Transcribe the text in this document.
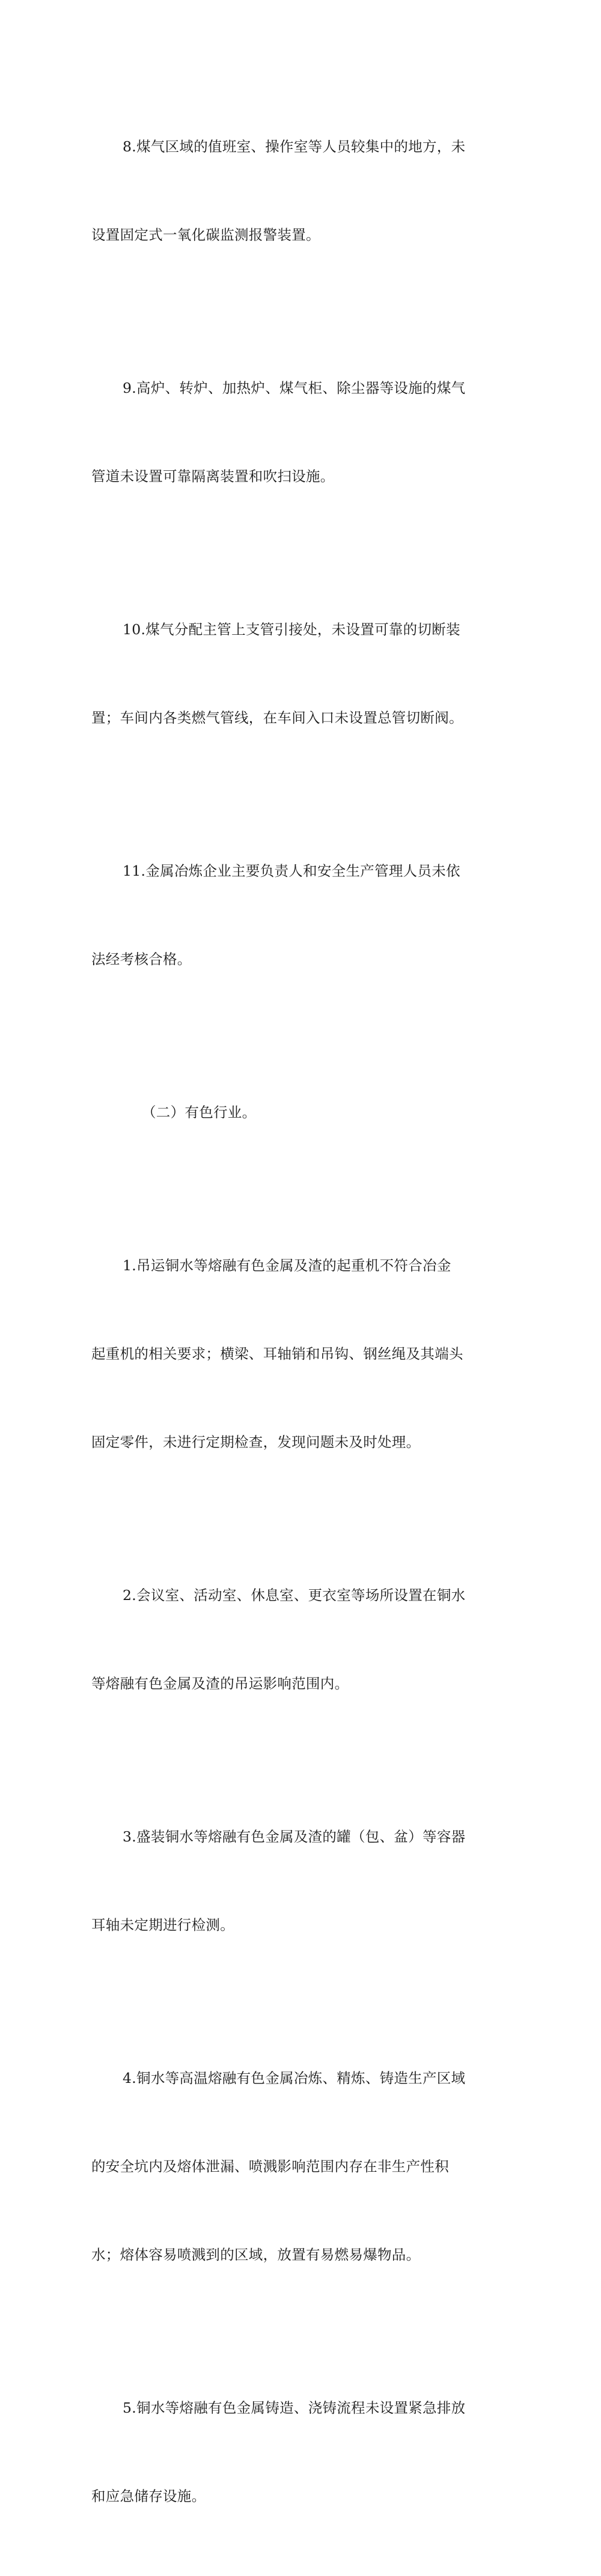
8.煤气区域的值班室、操作室等人员较集中的地方，未

设置固定式一氧化碳监测报警装置。

9.高炉、转炉、加热炉、煤气柜、除尘器等设施的煤气

管道未设置可靠隔离装置和吹扫设施。

10.煤气分配主管上支管引接处，未设置可靠的切断装

置；车间内各类燃气管线，在车间入口未设置总管切断阀。

11.金属冶炼企业主要负责人和安全生产管理人员未依

法经考核合格。

（二）有色行业。

1.吊运铜水等熔融有色金属及渣的起重机不符合冶金

起重机的相关要求；横梁、耳轴销和吊钩、钢丝绳及其端头

固定零件，未进行定期检查，发现问题未及时处理。

2.会议室、活动室、休息室、更衣室等场所设置在铜水

等熔融有色金属及渣的吊运影响范围内。

3.盛装铜水等熔融有色金属及渣的罐（包、盆）等容器

耳轴未定期进行检测。

4.铜水等高温熔融有色金属冶炼、精炼、铸造生产区域

的安全坑内及熔体泄漏、喷溅影响范围内存在非生产性积

水；熔体容易喷溅到的区域，放置有易燃易爆物品。

5.铜水等熔融有色金属铸造、浇铸流程未设置紧急排放

和应急储存设施。
